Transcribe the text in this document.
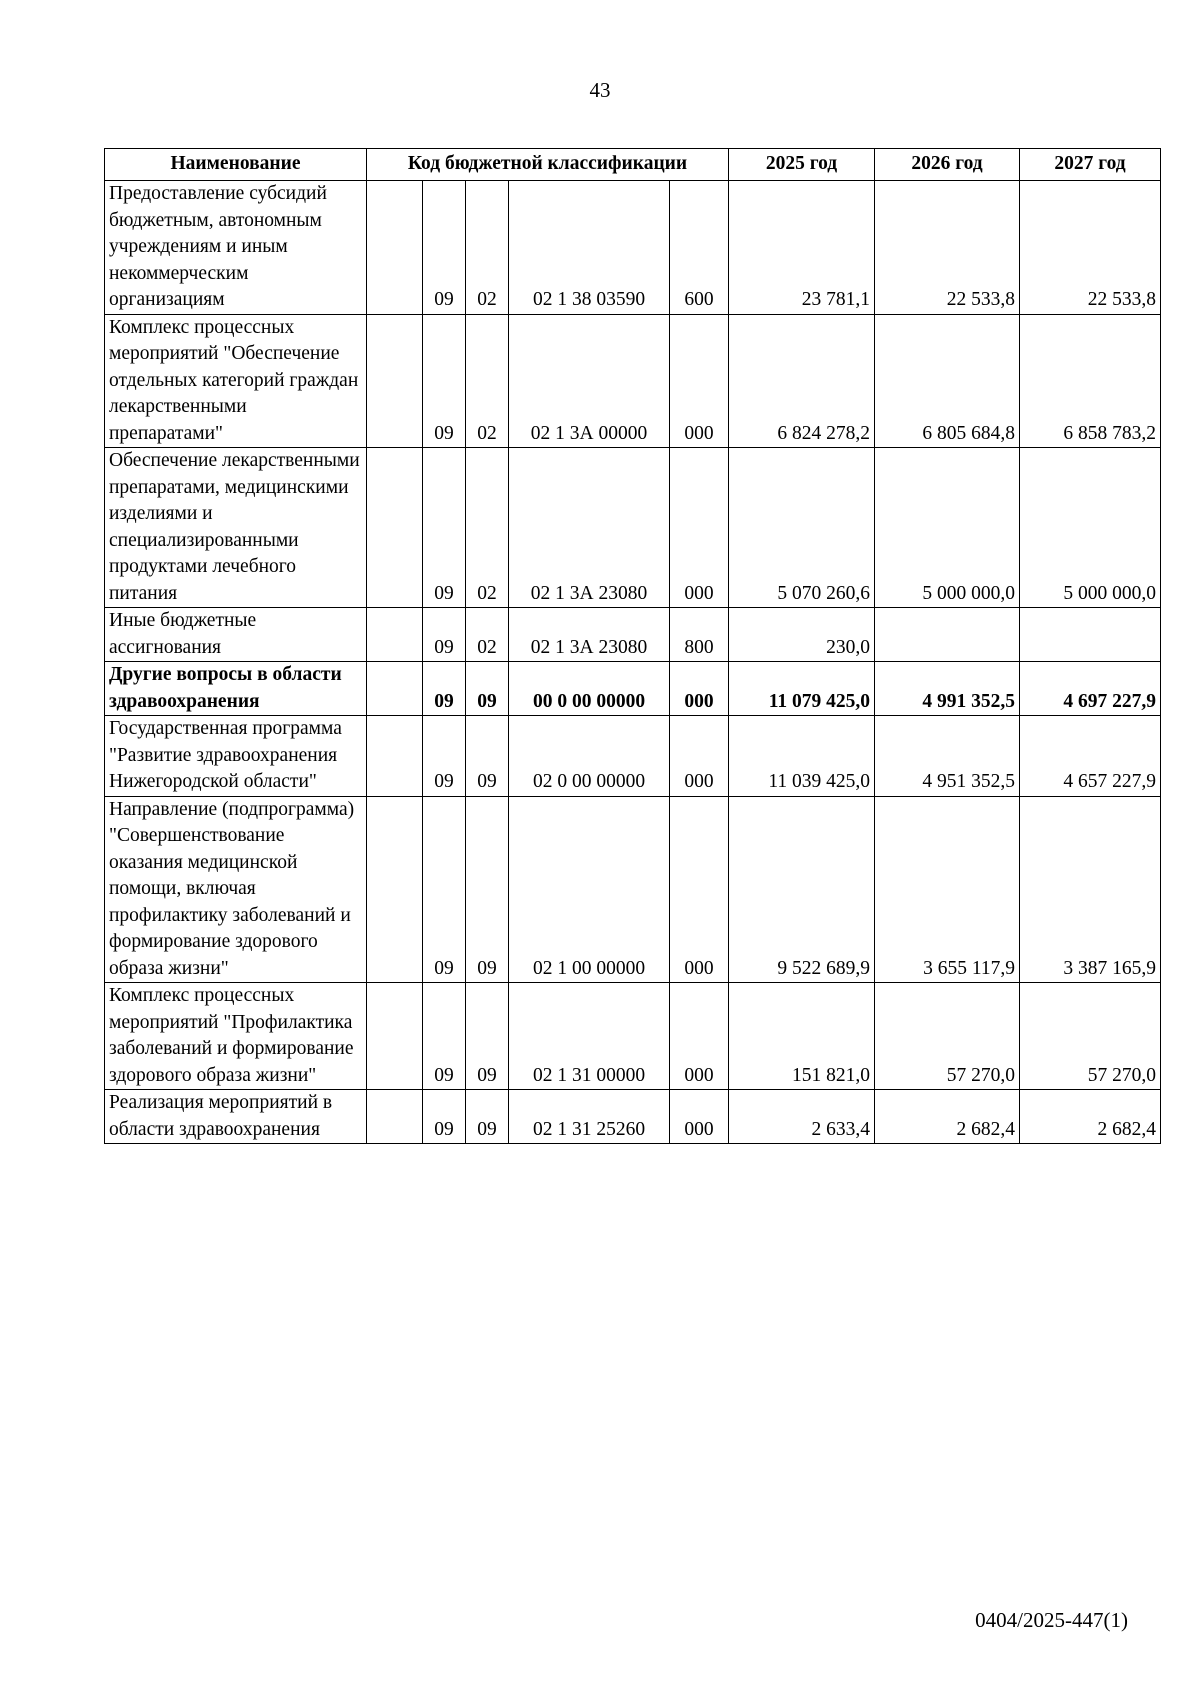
43
Наименование	Код бюджетной классификации					2025 год	2026 год	2027 год
Предоставление субсидий бюджетным, автономным учреждениям и иным некоммерческим организациям		09	02	02 1 38 03590	600	23 781,1	22 533,8	22 533,8
Комплекс процессных мероприятий "Обеспечение отдельных категорий граждан лекарственными препаратами"		09	02	02 1 3А 00000	000	6 824 278,2	6 805 684,8	6 858 783,2
Обеспечение лекарственными препаратами, медицинскими изделиями и специализированными продуктами лечебного питания		09	02	02 1 3А 23080	000	5 070 260,6	5 000 000,0	5 000 000,0
Иные бюджетные ассигнования		09	02	02 1 3А 23080	800	230,0		
Другие вопросы в области здравоохранения		09	09	00 0 00 00000	000	11 079 425,0	4 991 352,5	4 697 227,9
Государственная программа "Развитие здравоохранения Нижегородской области"		09	09	02 0 00 00000	000	11 039 425,0	4 951 352,5	4 657 227,9
Направление (подпрограмма) "Совершенствование оказания медицинской помощи, включая профилактику заболеваний и формирование здорового образа жизни"		09	09	02 1 00 00000	000	9 522 689,9	3 655 117,9	3 387 165,9
Комплекс процессных мероприятий "Профилактика заболеваний и формирование здорового образа жизни"		09	09	02 1 31 00000	000	151 821,0	57 270,0	57 270,0
Реализация мероприятий в области здравоохранения		09	09	02 1 31 25260	000	2 633,4	2 682,4	2 682,4
0404/2025-447(1)
